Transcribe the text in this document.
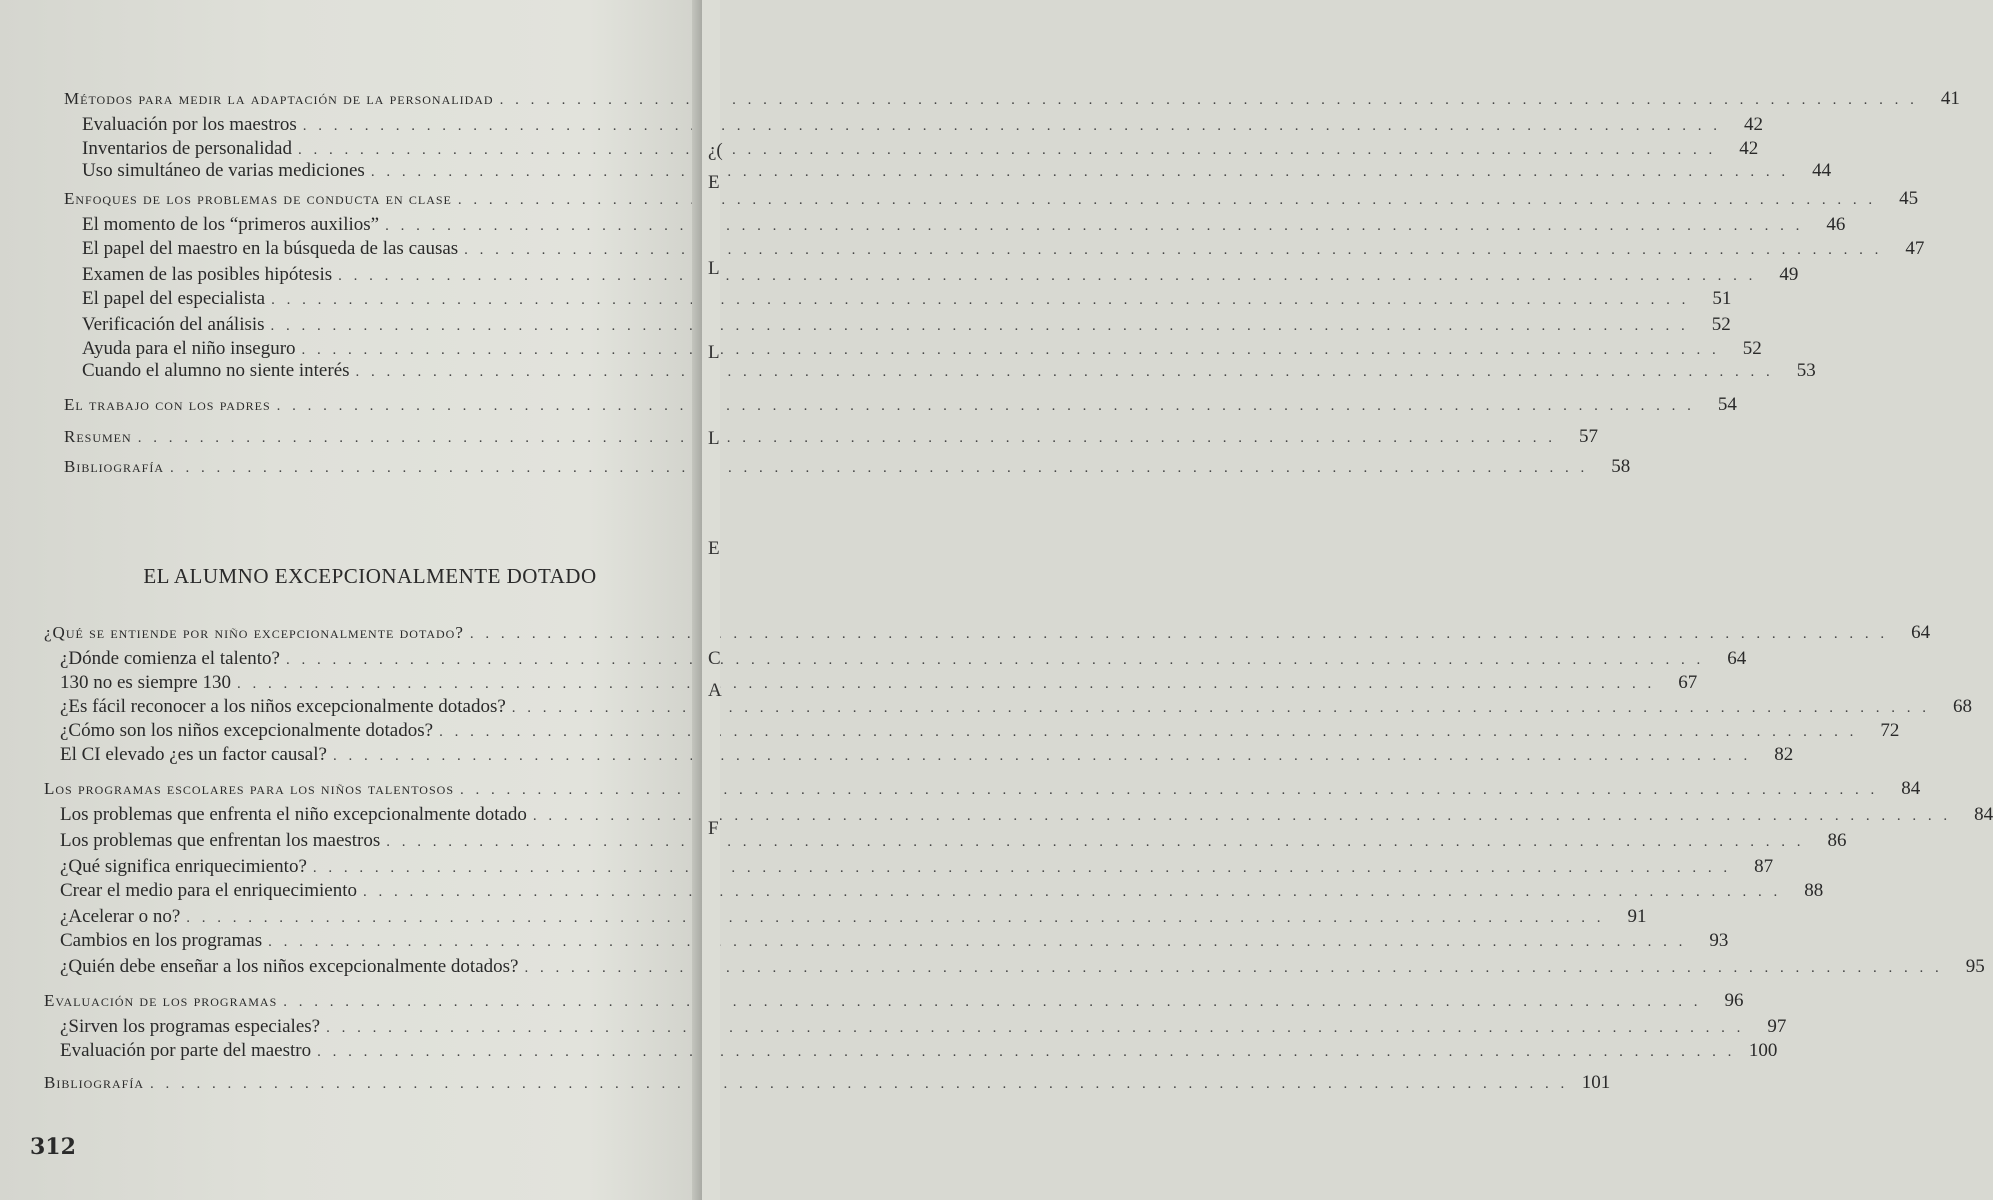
Métodos para medir la adaptación de la personalidad . . .	41
Evaluación por los maestros . . .	42
Inventarios de personalidad . . .	42
Uso simultáneo de varias mediciones . . .	44
Enfoques de los problemas de conducta en clase . . .	45
El momento de los “primeros auxilios” . . .	46
El papel del maestro en la búsqueda de las causas . . .	47
Examen de las posibles hipótesis . . .	49
El papel del especialista . . .	51
Verificación del análisis . . .	52
Ayuda para el niño inseguro . . .	52
Cuando el alumno no siente interés . . .	53
El trabajo con los padres . . .	54
Resumen . . .	57
Bibliografía . . .	58
EL ALUMNO EXCEPCIONALMENTE DOTADO
¿Qué se entiende por niño excepcionalmente dotado? . . .	64
¿Dónde comienza el talento? . . .	64
130 no es siempre 130 . . .	67
¿Es fácil reconocer a los niños excepcionalmente dotados? . . .	68
¿Cómo son los niños excepcionalmente dotados? . . .	72
El CI elevado ¿es un factor causal? . . .	82
Los programas escolares para los niños talentosos . . .	84
Los problemas que enfrenta el niño excepcionalmente dotado . . .	84
Los problemas que enfrentan los maestros . . .	86
¿Qué significa enriquecimiento? . . .	87
Crear el medio para el enriquecimiento . . .	88
¿Acelerar o no? . . .	91
Cambios en los programas . . .	93
¿Quién debe enseñar a los niños excepcionalmente dotados? . . .	95
Evaluación de los programas . . .	96
¿Sirven los programas especiales? . . .	97
Evaluación por parte del maestro . . .	100
Bibliografía . . .	101
312
¿(
E
L
L
L
E
C
A
F
